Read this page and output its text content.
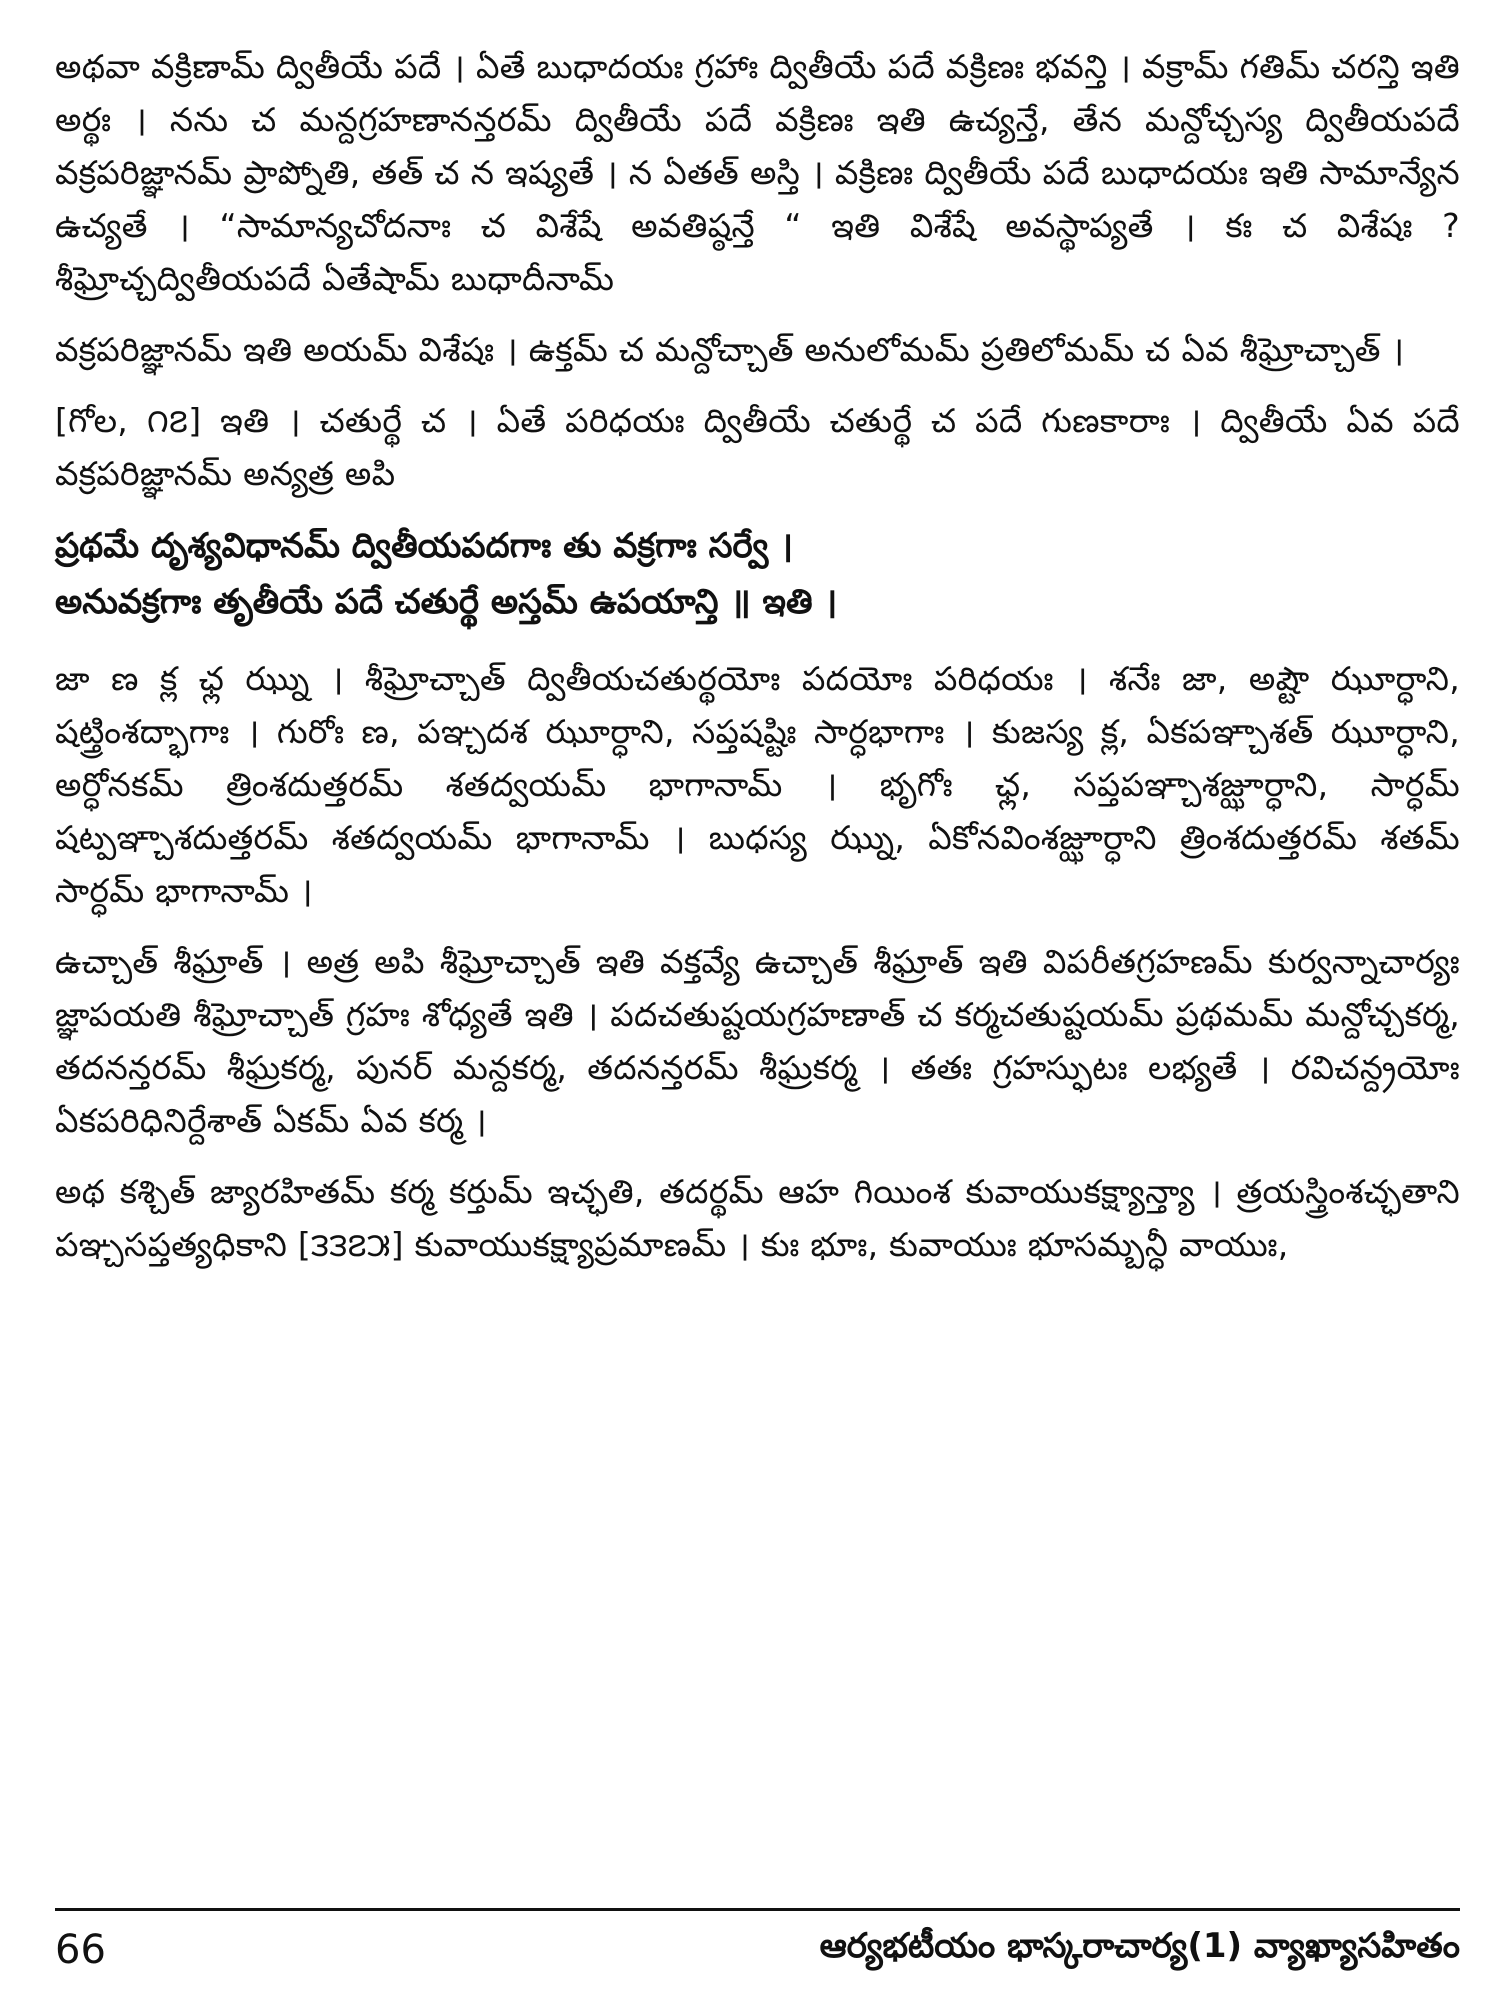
అథవా వక్రిణామ్ ద్వితీయే పదే । ఏతే బుధాదయః గ్రహాః ద్వితీయే పదే వక్రిణః భవన్తి । వక్రామ్ గతిమ్ చరన్తి ఇతి అర్థః । నను చ మన్దగ్రహణానన్తరమ్ ద్వితీయే పదే వక్రిణః ఇతి ఉచ్యన్తే, తేన మన్దోచ్చస్య ద్వితీయపదే వక్రపరిజ్ఞానమ్ ప్రాప్నోతి, తత్ చ న ఇష్యతే । న ఏతత్ అస్తి । వక్రిణః ద్వితీయే పదే బుధాదయః ఇతి సామాన్యేన ఉచ్యతే । “సామాన్యచోదనాః చ విశేషే అవతిష్ఠన్తే “ ఇతి విశేషే అవస్థాప్యతే । కః చ విశేషః ? శీఘ్రోచ్చద్వితీయపదే ఏతేషామ్ బుధాదీనామ్

వక్రపరిజ్ఞానమ్ ఇతి అయమ్ విశేషః । ఉక్తమ్ చ మన్దోచ్చాత్ అనులోమమ్ ప్రతిలోమమ్ చ ఏవ శీఘ్రోచ్చాత్ ।

[గోల, ౧౭] ఇతి । చతుర్థే చ । ఏతే పరిధయః ద్వితీయే చతుర్థే చ పదే గుణకారాః । ద్వితీయే ఏవ పదే వక్రపరిజ్ఞానమ్ అన్యత్ర అపి

ప్రథమే దృశ్యవిధానమ్ ద్వితీయపదగాః తు వక్రగాః సర్వే ।

అనువక్రగాః తృతీయే పదే చతుర్థే అస్తమ్ ఉపయాన్తి ॥ ఇతి ।

జా ణ క్ల ఛ్ల ఝ్ను । శీఘ్రోచ్చాత్ ద్వితీయచతుర్థయోః పదయోః పరిధయః । శనేః జా, అష్టౌ ఝూర్ధాని, షట్త్రింశద్భాగాః । గురోః ణ, పఞ్చదశ ఝూర్ధాని, సప్తషష్టిః సార్ధభాగాః । కుజస్య క్ల, ఏకపఞ్చాశత్ ఝూర్ధాని, అర్ధోనకమ్ త్రింశదుత్తరమ్ శతద్వయమ్ భాగానామ్ । భృగోః ఛ్ల, సప్తపఞ్చాశజ్ఝూర్ధాని, సార్ధమ్ షట్పఞ్చాశదుత్తరమ్ శతద్వయమ్ భాగానామ్ । బుధస్య ఝ్ను, ఏకోనవింశజ్ఝూర్ధాని త్రింశదుత్తరమ్ శతమ్ సార్ధమ్ భాగానామ్ ।

ఉచ్చాత్ శీఘ్రాత్ । అత్ర అపి శీఘ్రోచ్చాత్ ఇతి వక్తవ్యే ఉచ్చాత్ శీఘ్రాత్ ఇతి విపరీతగ్రహణమ్ కుర్వన్నాచార్యః జ్ఞాపయతి శీఘ్రోచ్చాత్ గ్రహః శోధ్యతే ఇతి । పదచతుష్టయగ్రహణాత్ చ కర్మచతుష్టయమ్ ప్రథమమ్ మన్దోచ్చకర్మ, తదనన్తరమ్ శీఘ్రకర్మ, పునర్ మన్దకర్మ, తదనన్తరమ్ శీఘ్రకర్మ । తతః గ్రహస్ఫుటః లభ్యతే । రవిచన్ద్రయోః ఏకపరిధినిర్దేశాత్ ఏకమ్ ఏవ కర్మ ।

అథ కశ్చిత్ జ్యారహితమ్ కర్మ కర్తుమ్ ఇచ్ఛతి, తదర్థమ్ ఆహ గియింశ కువాయుకక్ష్యాన్త్యా । త్రయస్త్రింశచ్ఛతాని పఞ్చసప్తత్యధికాని [౩౩౭౫] కువాయుకక్ష్యాప్రమాణమ్ । కుః భూః, కువాయుః భూసమ్బన్ధీ వాయుః,

66	ఆర్యభటీయం భాస్కరాచార్య(1) వ్యాఖ్యాసహితం
